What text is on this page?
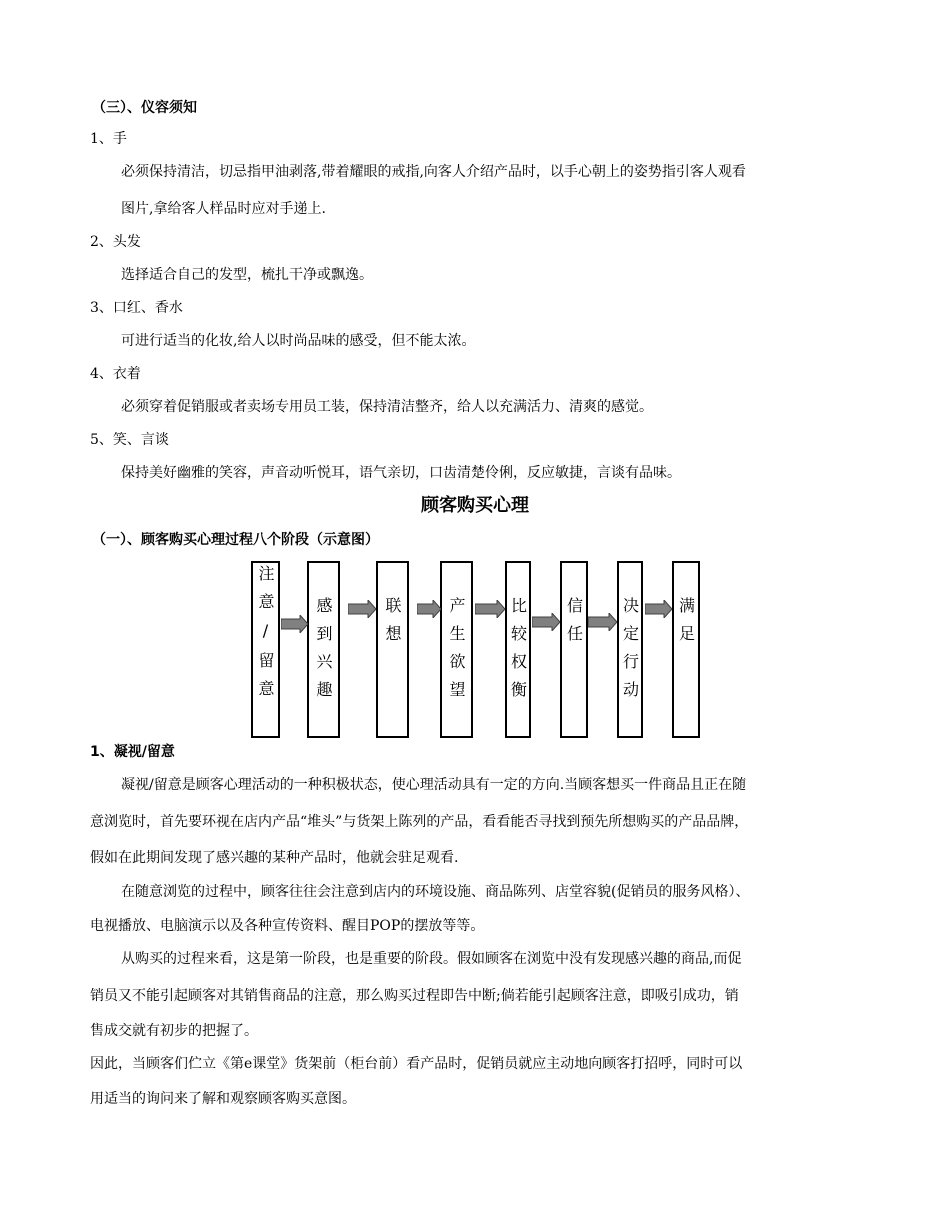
（三）、仪容须知
1、手
必须保持清洁，切忌指甲油剥落,带着耀眼的戒指,向客人介绍产品时，以手心朝上的姿势指引客人观看
图片,拿给客人样品时应对手递上.
2、头发
选择适合自己的发型，梳扎干净或飘逸。
3、口红、香水
可进行适当的化妆,给人以时尚品味的感受，但不能太浓。
4、衣着
必须穿着促销服或者卖场专用员工装，保持清洁整齐，给人以充满活力、清爽的感觉。
5、笑、言谈
保持美好幽雅的笑容，声音动听悦耳，语气亲切，口齿清楚伶俐，反应敏捷，言谈有品味。
顾客购买心理
（一）、顾客购买心理过程八个阶段（示意图）
注意/留意 感到兴趣	联想	产生欲望	比较权衡 信任 决定行动 满足
1、凝视/留意
凝视/留意是顾客心理活动的一种积极状态，使心理活动具有一定的方向.当顾客想买一件商品且正在随
意浏览时，首先要环视在店内产品“堆头”与货架上陈列的产品，看看能否寻找到预先所想购买的产品品牌，
假如在此期间发现了感兴趣的某种产品时，他就会驻足观看.
在随意浏览的过程中，顾客往往会注意到店内的环境设施、商品陈列、店堂容貌(促销员的服务风格）、
电视播放、电脑演示以及各种宣传资料、醒目POP的摆放等等。
从购买的过程来看，这是第一阶段，也是重要的阶段。假如顾客在浏览中没有发现感兴趣的商品,而促
销员又不能引起顾客对其销售商品的注意，那么购买过程即告中断;倘若能引起顾客注意，即吸引成功，销
售成交就有初步的把握了。
因此，当顾客们伫立《第e课堂》货架前（柜台前）看产品时，促销员就应主动地向顾客打招呼，同时可以
用适当的询问来了解和观察顾客购买意图。
